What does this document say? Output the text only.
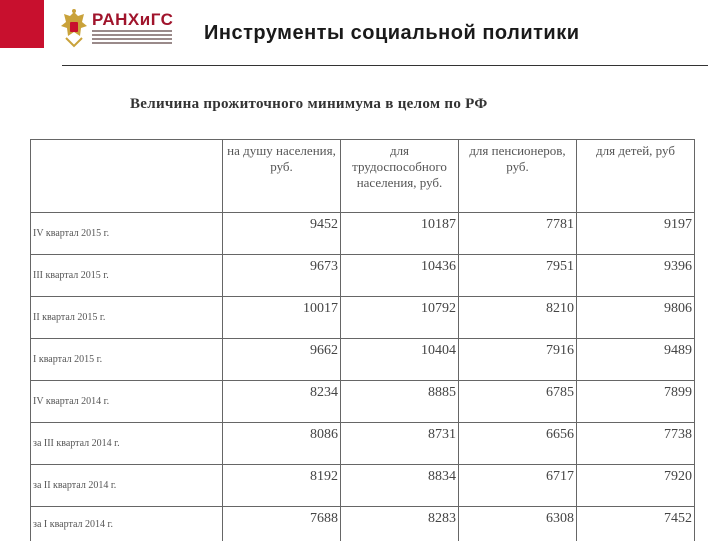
РАНХиГС
Инструменты социальной политики
Величина прожиточного минимума в целом по РФ

	на душу населения, руб.	для трудоспособного населения, руб.	для пенсионеров, руб.	для детей, руб

IV квартал 2015 г.	9452	10187	7781	9197
III квартал 2015 г.	9673	10436	7951	9396
II квартал 2015 г.	10017	10792	8210	9806
I квартал 2015 г.	9662	10404	7916	9489
IV квартал 2014 г.	8234	8885	6785	7899
за III квартал 2014 г.	8086	8731	6656	7738
за II квартал 2014 г.	8192	8834	6717	7920
за I квартал 2014 г.	7688	8283	6308	7452
